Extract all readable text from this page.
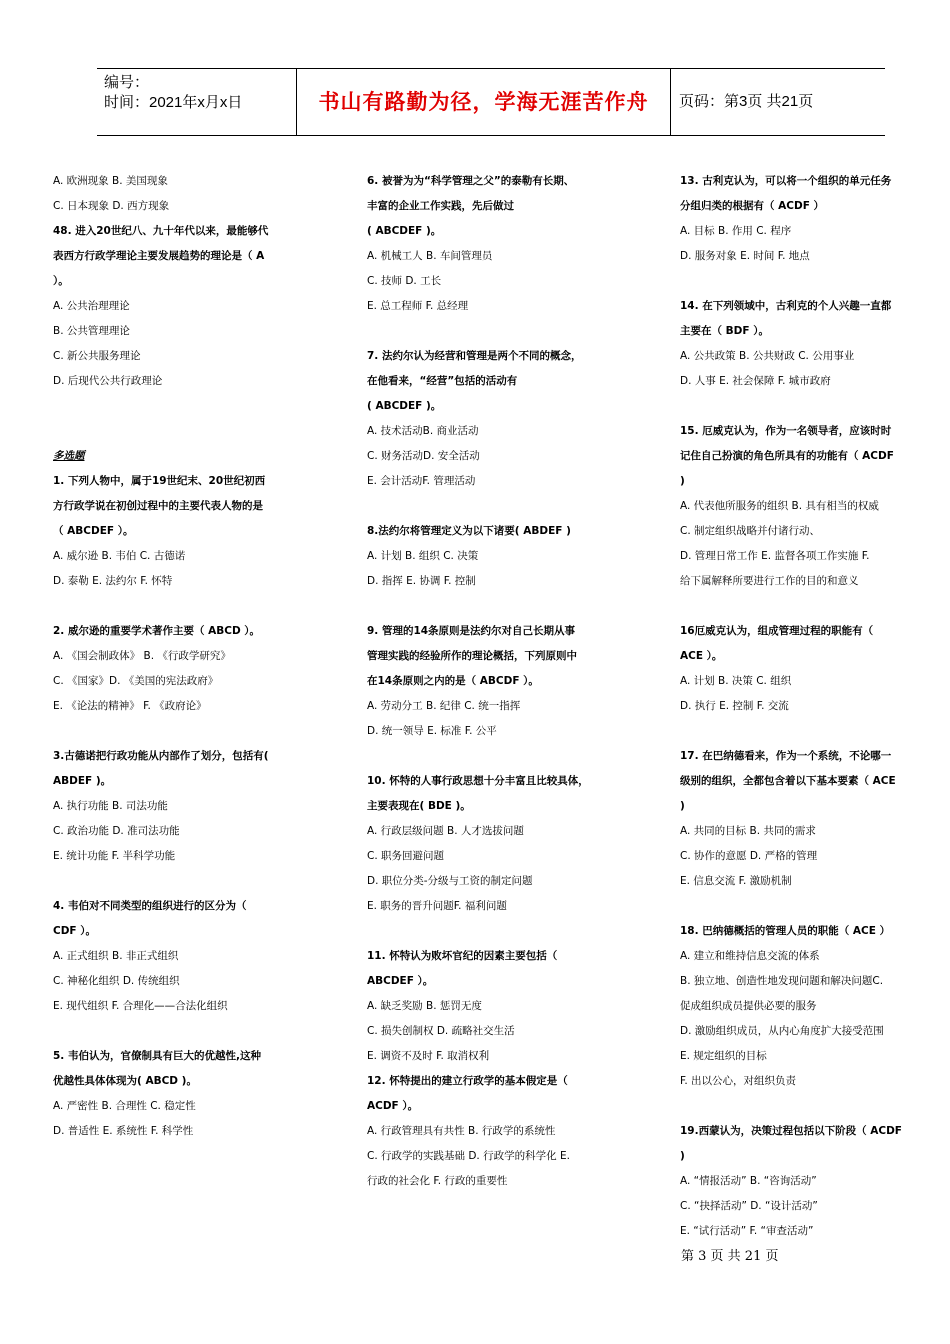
编号：
时间：2021年x月x日	书山有路勤为径，学海无涯苦作舟	页码：第3页 共21页
A. 欧洲现象 B. 美国现象
C. 日本现象 D. 西方现象
48. 进入20世纪八、九十年代以来，最能够代
表西方行政学理论主要发展趋势的理论是（ A
）。
A. 公共治理理论
B. 公共管理理论
C. 新公共服务理论
D. 后现代公共行政理论
多选题
1. 下列人物中，属于19世纪末、20世纪初西
方行政学说在初创过程中的主要代表人物的是
（ ABCDEF ）。
A. 威尔逊 B. 韦伯 C. 古德诺
D. 泰勒 E. 法约尔 F. 怀特
2. 威尔逊的重要学术著作主要（ ABCD ）。
A. 《国会制政体》 B. 《行政学研究》
C. 《国家》D. 《美国的宪法政府》
E. 《论法的精神》 F. 《政府论》
3.古德诺把行政功能从内部作了划分，包括有(
ABDEF )。
A. 执行功能 B. 司法功能
C. 政治功能 D. 准司法功能
E. 统计功能 F. 半科学功能
4. 韦伯对不同类型的组织进行的区分为（
CDF ）。
A. 正式组织 B. 非正式组织
C. 神秘化组织 D. 传统组织
E. 现代组织 F. 合理化——合法化组织
5. 韦伯认为，官僚制具有巨大的优越性,这种
优越性具体体现为( ABCD )。
A. 严密性 B. 合理性 C. 稳定性
D. 普适性 E. 系统性 F. 科学性
6. 被誉为为“科学管理之父”的泰勒有长期、
丰富的企业工作实践，先后做过
( ABCDEF )。
A. 机械工人 B. 车间管理员
C. 技师 D. 工长
E. 总工程师 F. 总经理
7. 法约尔认为经营和管理是两个不同的概念，
在他看来，“经营”包括的活动有
( ABCDEF )。
A. 技术活动B. 商业活动
C. 财务活动D. 安全活动
E. 会计活动F. 管理活动
8.法约尔将管理定义为以下诸要( ABDEF )
A. 计划 B. 组织 C. 决策
D. 指挥 E. 协调 F. 控制
9. 管理的14条原则是法约尔对自己长期从事
管理实践的经验所作的理论概括，下列原则中
在14条原则之内的是（ ABCDF ）。
A. 劳动分工 B. 纪律 C. 统一指挥
D. 统一领导 E. 标准 F. 公平
10. 怀特的人事行政思想十分丰富且比较具体，
主要表现在( BDE )。
A. 行政层级问题 B. 人才选拔问题
C. 职务回避问题
D. 职位分类-分级与工资的制定问题
E. 职务的晋升问题F. 福利问题
11. 怀特认为败坏官纪的因素主要包括（
ABCDEF ）。
A. 缺乏奖励 B. 惩罚无度
C. 损失创制权 D. 疏略社交生活
E. 调资不及时 F. 取消权利
12. 怀特提出的建立行政学的基本假定是（
ACDF ）。
A. 行政管理具有共性 B. 行政学的系统性
C. 行政学的实践基础 D. 行政学的科学化 E.
行政的社会化 F. 行政的重要性
13. 古利克认为，可以将一个组织的单元任务
分组归类的根据有（ ACDF ）
A. 目标 B. 作用 C. 程序
D. 服务对象 E. 时间 F. 地点
14. 在下列领域中，古利克的个人兴趣一直都
主要在（ BDF ）。
A. 公共政策 B. 公共财政 C. 公用事业
D. 人事 E. 社会保障 F. 城市政府
15. 厄威克认为，作为一名领导者，应该时时
记住自己扮演的角色所具有的功能有（ ACDF
)
A. 代表他所服务的组织 B. 具有相当的权威
C. 制定组织战略并付诸行动、
D. 管理日常工作 E. 监督各项工作实施 F.
给下属解释所要进行工作的目的和意义
16厄威克认为，组成管理过程的职能有（
ACE ）。
A. 计划 B. 决策 C. 组织
D. 执行 E. 控制 F. 交流
17. 在巴纳德看来，作为一个系统，不论哪一
级别的组织，全都包含着以下基本要素（ ACE
)
A. 共同的目标 B. 共同的需求
C. 协作的意愿 D. 严格的管理
E. 信息交流 F. 激励机制
18. 巴纳德概括的管理人员的职能（ ACE ）
A. 建立和维持信息交流的体系
B. 独立地、创造性地发现问题和解决问题C.
促成组织成员提供必要的服务
D. 激励组织成员，从内心角度扩大接受范围
E. 规定组织的目标
F. 出以公心，对组织负责
19.西蒙认为，决策过程包括以下阶段（ ACDF
)
A. “情报活动” B. “咨询活动”
C. “抉择活动” D. “设计活动”
E. “试行活动” F. “审查活动”
第 3 页 共 21 页
